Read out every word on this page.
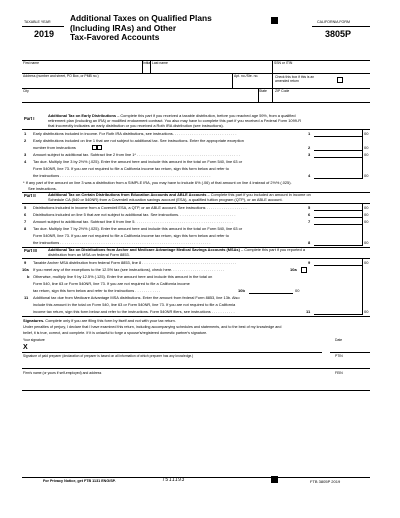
TAXABLE YEAR
2019
Additional Taxes on Qualified Plans
(Including IRAs) and Other
Tax-Favored Accounts
CALIFORNIA FORM
3805P
First name	Initial Last name	SSN or ITIN
Address (number and street, PO Box, or PMB no.)	Apt. no./Ste. no.	Check this box if this is an amended return
City	State ZIP Code
Part I
Additional Tax on Early Distributions – Complete this part if you received a taxable distribution, before you reached age 59½, from a qualified
retirement plan (including an IRA) or modified endowment contract. You also may have to complete this part if you received a Federal Form 1099-R
that incorrectly indicates an early distribution or you received a Roth IRA distribution (see instructions).
1 Early distributions included in income. For Roth IRA distributions, see instructions. . . . . . . . . . . . . . . . . . . . . . . . . . . . . .
2 Early distributions included on line 1 that are not subject to additional tax. See instructions. Enter the appropriate exception
number from instructions
3 Amount subject to additional tax. Subtract line 2 from line 1* . . . . . . . . . . . . . . . . . . . . . . . . . . . . . . . . . . . . . . . . . . . . . . . .
4 Tax due. Multiply line 3 by 2½% (.025). Enter the amount here and include this amount in the total on Form 540, line 63 or
Form 540NR, line 73. If you are not required to file a California income tax return, sign this form below and refer to
the instructions . . . . . . . . . . . . . . . . . . . . . . . . . . . . . . . . . . . . . . . . . . . . . . . . . . . . . . . . . . . . . . . . . . . . . .
1	00
2	00
3	00
4	00
* If any part of the amount on line 3 was a distribution from a SIMPLE IRA, you may have to include 6% (.06) of that amount on line 4 instead of 2½% (.025).
See instructions.
Part II	Additional Tax on Certain Distributions from Education Accounts and ABLE Accounts – Complete this part if you included an amount in income on
Schedule CA (540 or 540NR) from a Coverdell education savings account (ESA), a qualified tuition program (QTP), or an ABLE account.
5 Distributions included in income from a Coverdell ESA, a QTP, or an ABLE account. See instructions . . . . . . . . . . . . . . . . . . .
6 Distributions included on line 5 that are not subject to additional tax. See instructions. . . . . . . . . . . . . . . . . . . . . . . . . . .
7 Amount subject to additional tax. Subtract line 6 from line 5. . . . . . . . . . . . . . . . . . . . . . . . . . . . . . . . . . . . . . . . . . . . . .
8 Tax due. Multiply line 7 by 2½% (.025). Enter the amount here and include this amount in the total on Form 540, line 63 or
Form 540NR, line 73. If you are not required to file a California income tax return, sign this form below and refer to
the instructions . . . . . . . . . . . . . . . . . . . . . . . . . . . . . . . . . . . . . . . . . . . . . . . . . . . . . . . . . . . . . . . . . . . . . .
5	00
6	00
7	00
8	00
Part III	Additional Tax on Distributions from Archer and Medicare Advantage Medical Savings Accounts (MSAs) – Complete this part if you reported a
distribution from an MSA on federal Form 8853.
9 Taxable Archer MSA distribution from federal Form 8853, line 8 . . . . . . . . . . . . . . . . . . . . . . . . . . . . . . . . . . . . . . . . . . . .	9	00
10a If you meet any of the exceptions to the 12.5% tax (see instructions), check here. . . . . . . . . . . . . . . . . . . . . . . . .	10a
b Otherwise, multiply line 9 by 12.5% (.125). Enter the amount here and include this amount in the total on
Form 540, line 63 or Form 540NR, line 73. If you are not required to file a California income
tax return, sign this form below and refer to the instructions . . . . . . . . . . . .	10b	00
11 Additional tax due from Medicare Advantage MSA distributions. Enter the amount from federal Form 8853, line 13b. Also
include this amount in the total on Form 540, line 63 or Form 540NR, line 73. If you are not required to file a California
income tax return, sign this form below and refer to the instructions. Form 540NR filers, see instructions . . . . . . . . . . .	11	00
Signatures. Complete only if you are filing this form by itself and not with your tax return.
Under penalties of perjury, I declare that I have examined this return, including accompanying schedules and statements, and to the best of my knowledge and
belief, it is true, correct, and complete. If it is unlawful to forge a spouse's/registered domestic partner's signature.
Your signature	Date
X
Signature of paid preparer (declaration of preparer is based on all information of which preparer has any knowledge.)	PTIN
Firm's name (or yours if self-employed) and address	FEIN
For Privacy Notice, get FTB 1131 ENG/SP.	7511193	FTB 3805P 2019
